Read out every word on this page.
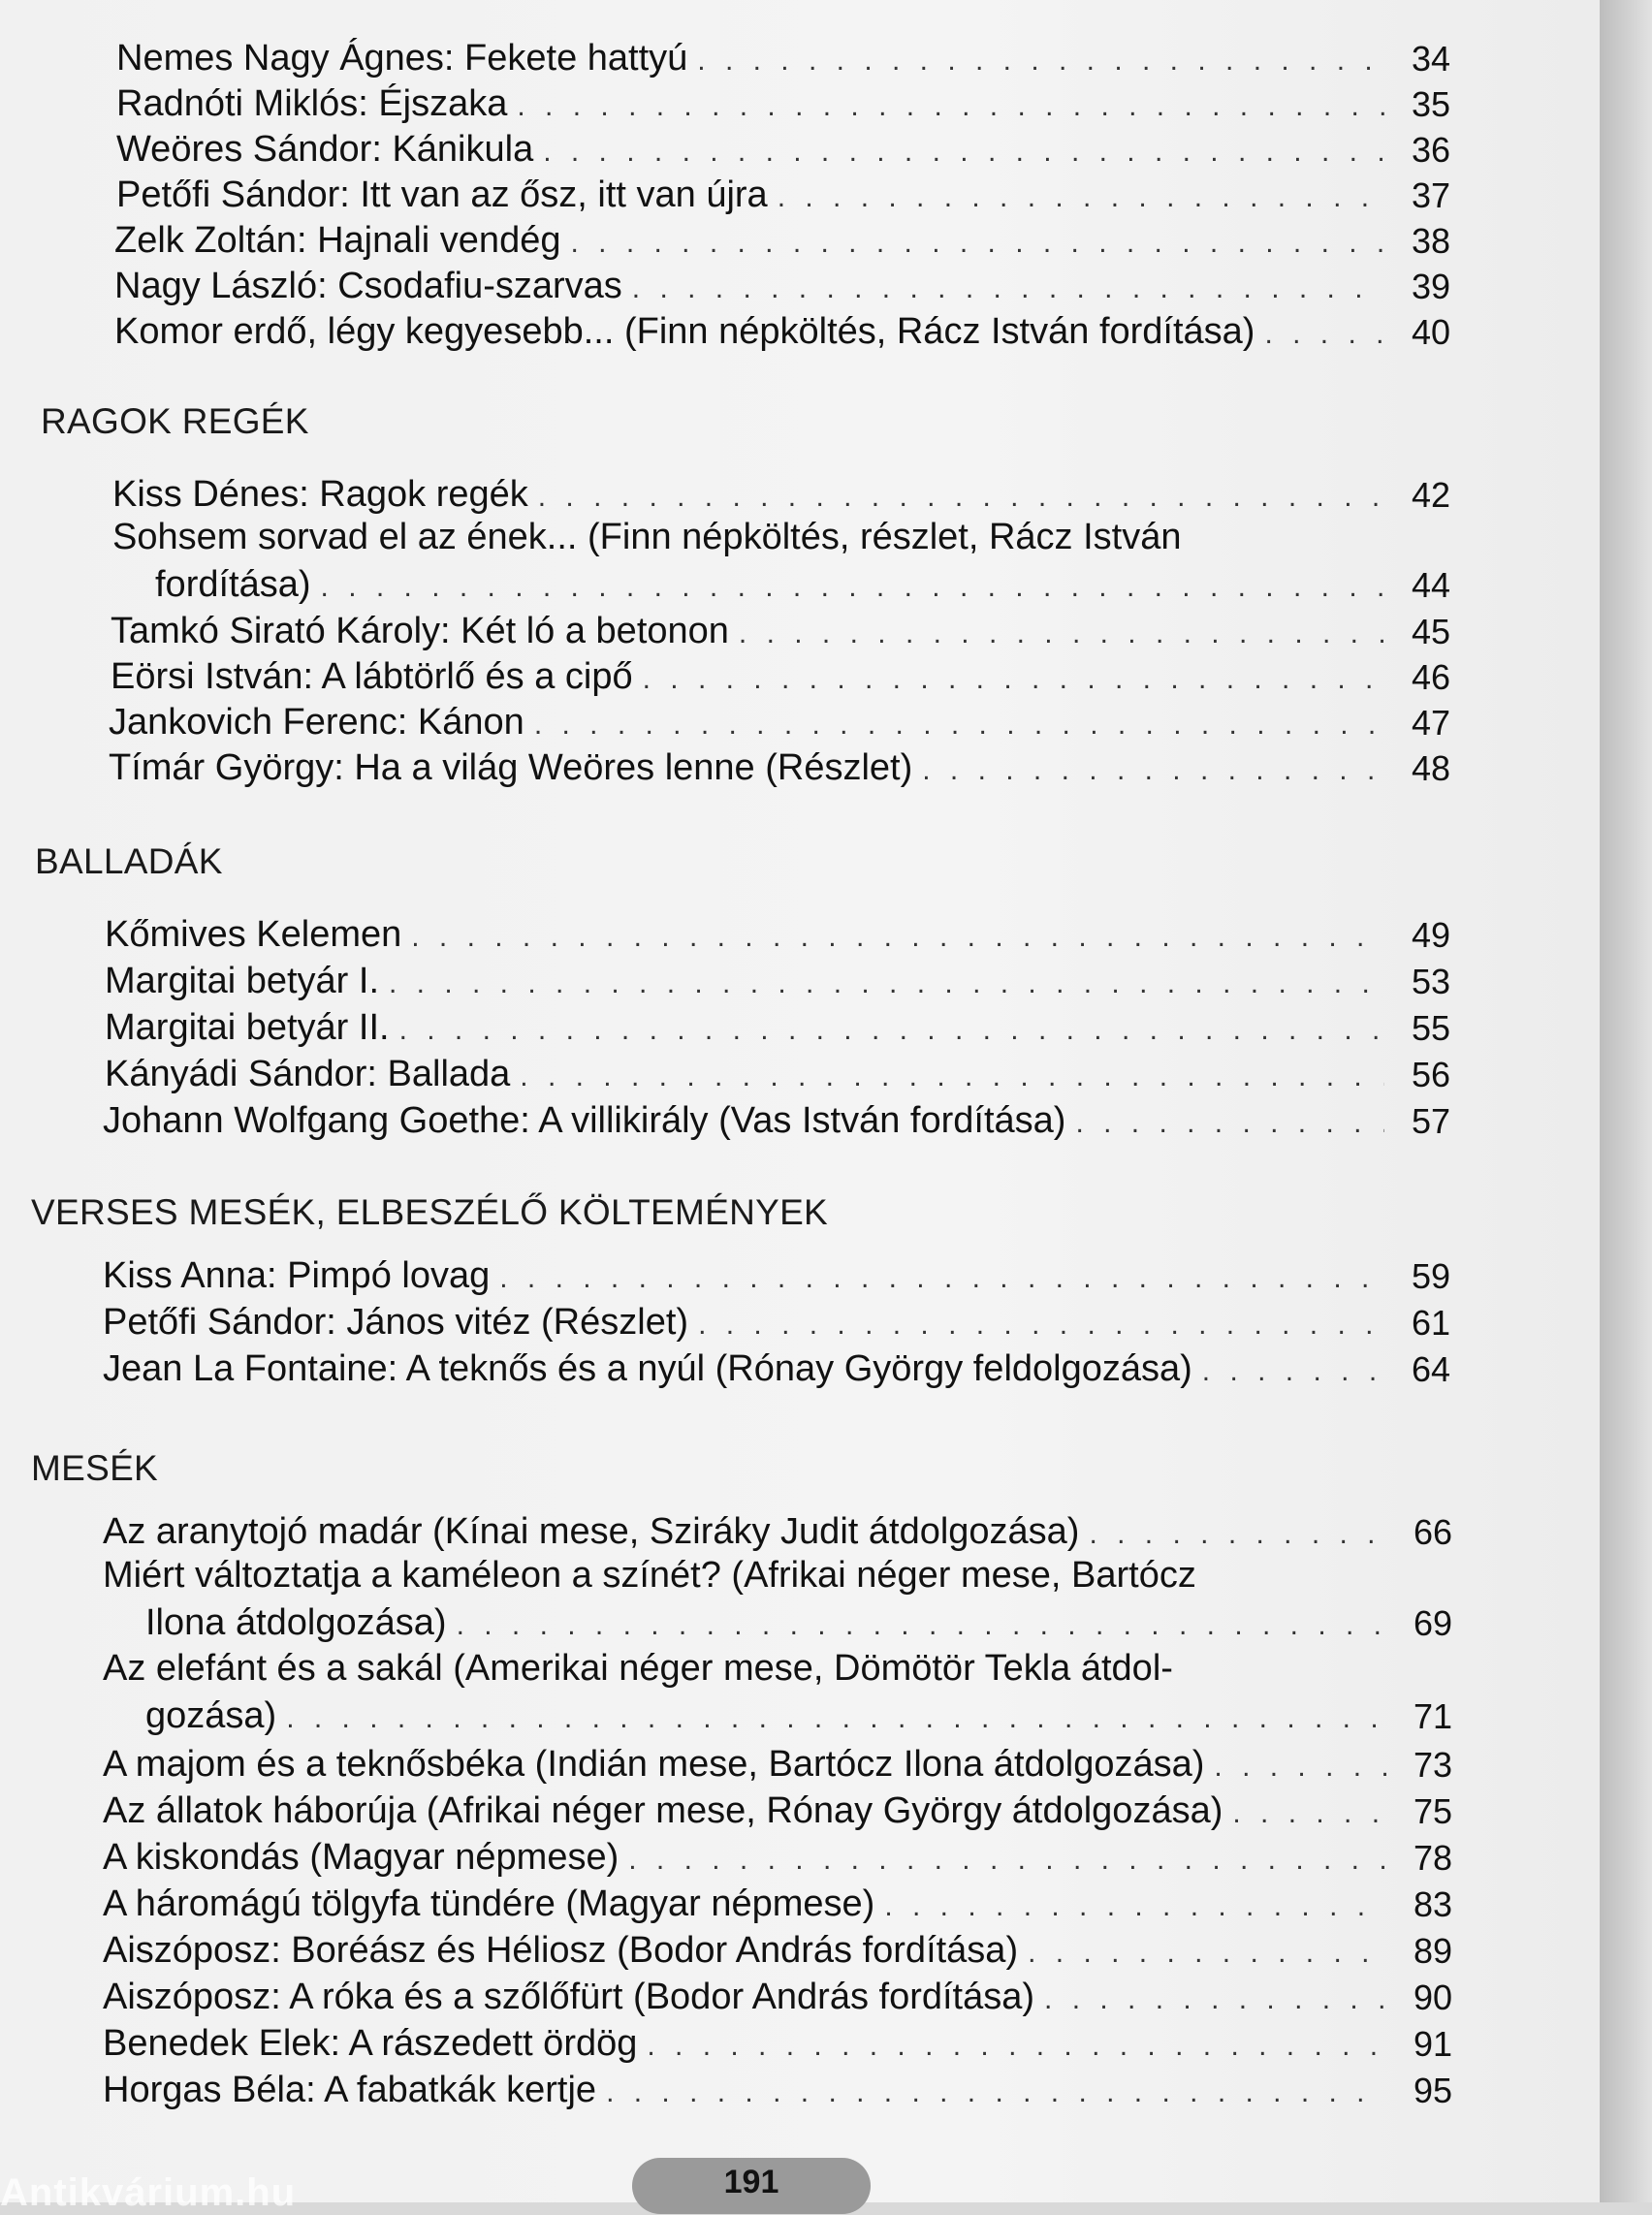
Nemes Nagy Ágnes: Fekete hattyú . . .	34
Radnóti Miklós: Éjszaka . . .	35
Weöres Sándor: Kánikula . . .	36
Petőfi Sándor: Itt van az ősz, itt van újra . . .	37
Zelk Zoltán: Hajnali vendég . . .	38
Nagy László: Csodafiu-szarvas . . .	39
Komor erdő, légy kegyesebb... (Finn népköltés, Rácz István fordítása) . . .	40
RAGOK REGÉK
Kiss Dénes: Ragok regék . . .	42
Sohsem sorvad el az ének... (Finn népköltés, részlet, Rácz István
fordítása) . . .	44
Tamkó Sirató Károly: Két ló a betonon . . .	45
Eörsi István: A lábtörlő és a cipő . . .	46
Jankovich Ferenc: Kánon . . .	47
Tímár György: Ha a világ Weöres lenne (Részlet) . . .	48
BALLADÁK
Kőmives Kelemen . . .	49
Margitai betyár I. . . .	53
Margitai betyár II. . . .	55
Kányádi Sándor: Ballada . . .	56
Johann Wolfgang Goethe: A villikirály (Vas István fordítása) . . .	57
VERSES MESÉK, ELBESZÉLŐ KÖLTEMÉNYEK
Kiss Anna: Pimpó lovag . . .	59
Petőfi Sándor: János vitéz (Részlet) . . .	61
Jean La Fontaine: A teknős és a nyúl (Rónay György feldolgozása) . . .	64
MESÉK
Az aranytojó madár (Kínai mese, Sziráky Judit átdolgozása) . . .	66
Miért változtatja a kaméleon a színét? (Afrikai néger mese, Bartócz
Ilona átdolgozása) . . .	69
Az elefánt és a sakál (Amerikai néger mese, Dömötör Tekla átdol-
gozása) . . .	71
A majom és a teknősbéka (Indián mese, Bartócz Ilona átdolgozása) . . .	73
Az állatok háborúja (Afrikai néger mese, Rónay György átdolgozása) . . .	75
A kiskondás (Magyar népmese) . . .	78
A háromágú tölgyfa tündére (Magyar népmese) . . .	83
Aiszóposz: Boréász és Héliosz (Bodor András fordítása) . . .	89
Aiszóposz: A róka és a szőlőfürt (Bodor András fordítása) . . .	90
Benedek Elek: A rászedett ördög . . .	91
Horgas Béla: A fabatkák kertje . . .	95
191
Antikvárium.hu
